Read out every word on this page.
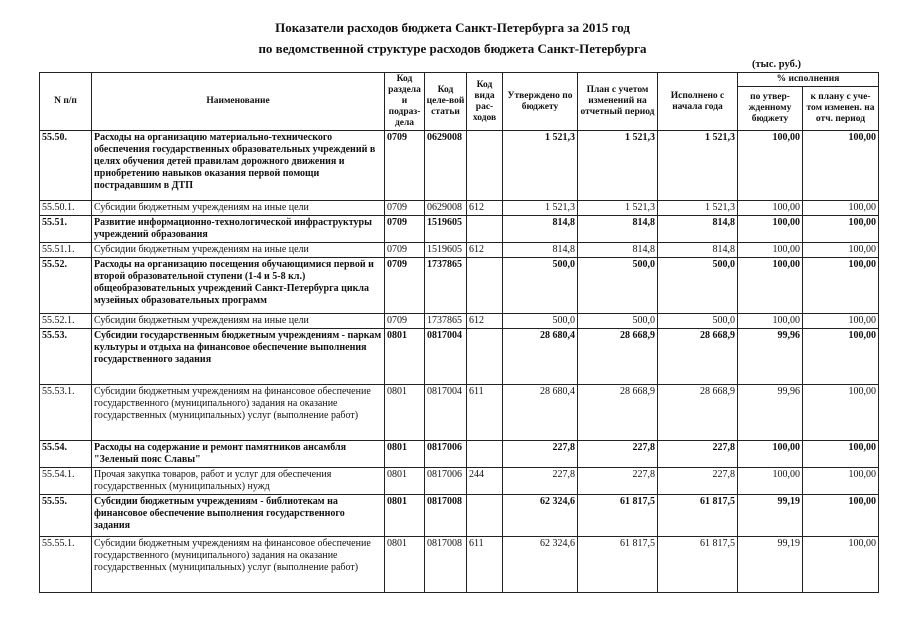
Показатели расходов бюджета Санкт-Петербурга за 2015 год
по ведомственной структуре расходов бюджета Санкт-Петербурга
(тыс. руб.)
N п/п	Наименование	Код раздела и подраз-дела	Код целе-вой статьи	Код вида рас-ходов	Утверждено по бюджету	План с учетом изменений на отчетный период	Исполнено с начала года	% исполнения	
								по утвер-жденному бюджету	к плану с уче-том изменен. на отч. период
55.50.	Расходы на организацию материально-технического обеспечения государственных образовательных учреждений в целях обучения детей правилам дорожного движения и приобретению навыков оказания первой помощи пострадавшим в ДТП	0709	0629008		1 521,3	1 521,3	1 521,3	100,00	100,00
55.50.1.	Субсидии бюджетным учреждениям на иные цели	0709	0629008	612	1 521,3	1 521,3	1 521,3	100,00	100,00
55.51.	Развитие информационно-технологической инфраструктуры учреждений образования	0709	1519605		814,8	814,8	814,8	100,00	100,00
55.51.1.	Субсидии бюджетным учреждениям на иные цели	0709	1519605	612	814,8	814,8	814,8	100,00	100,00
55.52.	Расходы на организацию посещения обучающимися первой и второй образовательной ступени (1-4 и 5-8 кл.) общеобразовательных учреждений Санкт-Петербурга цикла музейных образовательных программ	0709	1737865		500,0	500,0	500,0	100,00	100,00
55.52.1.	Субсидии бюджетным учреждениям на иные цели	0709	1737865	612	500,0	500,0	500,0	100,00	100,00
55.53.	Субсидии государственным бюджетным учреждениям - паркам культуры и отдыха на финансовое обеспечение выполнения государственного задания	0801	0817004		28 680,4	28 668,9	28 668,9	99,96	100,00
55.53.1.	Субсидии бюджетным учреждениям на финансовое обеспечение государственного (муниципального) задания на оказание государственных (муниципальных) услуг (выполнение работ)	0801	0817004	611	28 680,4	28 668,9	28 668,9	99,96	100,00
55.54.	Расходы на содержание и ремонт памятников ансамбля "Зеленый пояс Славы"	0801	0817006		227,8	227,8	227,8	100,00	100,00
55.54.1.	Прочая закупка товаров, работ и услуг для обеспечения государственных (муниципальных) нужд	0801	0817006	244	227,8	227,8	227,8	100,00	100,00
55.55.	Субсидии бюджетным учреждениям - библиотекам на финансовое обеспечение выполнения государственного задания	0801	0817008		62 324,6	61 817,5	61 817,5	99,19	100,00
55.55.1.	Субсидии бюджетным учреждениям на финансовое обеспечение государственного (муниципального) задания на оказание государственных (муниципальных) услуг (выполнение работ)	0801	0817008	611	62 324,6	61 817,5	61 817,5	99,19	100,00
